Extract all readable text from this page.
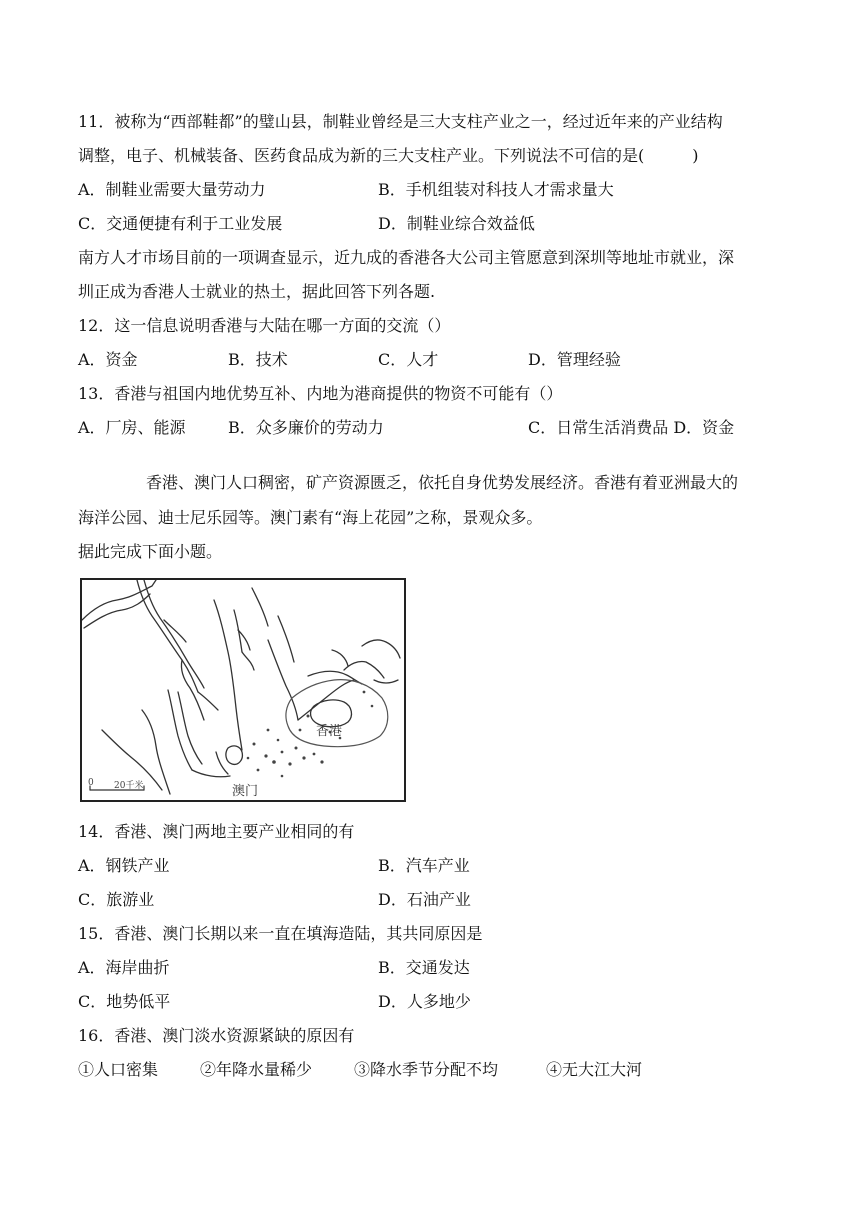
11．被称为“西部鞋都”的璧山县，制鞋业曾经是三大支柱产业之一，经过近年来的产业结构
调整，电子、机械装备、医药食品成为新的三大支柱产业。下列说法不可信的是(　　　)
A．制鞋业需要大量劳动力	B．手机组装对科技人才需求量大
C．交通便捷有利于工业发展	D．制鞋业综合效益低
南方人才市场目前的一项调查显示，近九成的香港各大公司主管愿意到深圳等地址市就业，深
圳正成为香港人士就业的热土，据此回答下列各题.
12．这一信息说明香港与大陆在哪一方面的交流（）
A．资金	B．技术	C．人才	D．管理经验
13．香港与祖国内地优势互补、内地为港商提供的物资不可能有（）
A．厂房、能源	B．众多廉价的劳动力	C．日常生活消费品 D．资金
香港、澳门人口稠密，矿产资源匮乏，依托自身优势发展经济。香港有着亚洲最大的
海洋公园、迪士尼乐园等。澳门素有“海上花园”之称，景观众多。
据此完成下面小题。
香港
澳门
0 20千米
14．香港、澳门两地主要产业相同的有
A．钢铁产业	B．汽车产业
C．旅游业	D．石油产业
15．香港、澳门长期以来一直在填海造陆，其共同原因是
A．海岸曲折	B．交通发达
C．地势低平	D．人多地少
16．香港、澳门淡水资源紧缺的原因有
①人口密集	②年降水量稀少	③降水季节分配不均	④无大江大河
